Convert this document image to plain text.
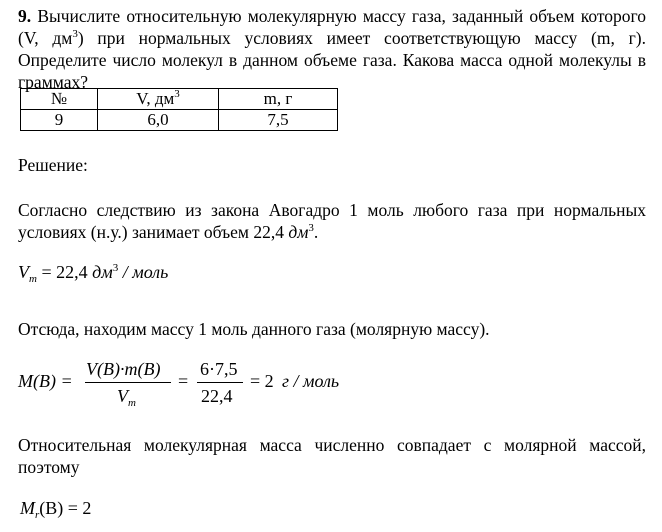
9. Вычислите относительную молекулярную массу газа, заданный объем которого (V, $дм^3$) при нормальных условиях имеет соответствующую массу (m, г). Определите число молекул в данном объеме газа. Какова масса одной молекулы в граммах?
№	V, $дм^3$	m, г
9	6,0	7,5
Решение:
Согласно следствию из закона Авогадро 1 моль любого газа при нормальных условиях (н.у.) занимает объем 22,4 $дм^3$.
$V_m = 22,4$ $дм^3$ / моль
Отсюда, находим массу 1 моль данного газа (молярную массу).
M(B) =
V(B)·m(B)
$V_m$
=
6·7,5
22,4
= 2 г / моль
Относительная молекулярная масса численно совпадает с молярной массой, поэтому
$M_r(B) = 2$
